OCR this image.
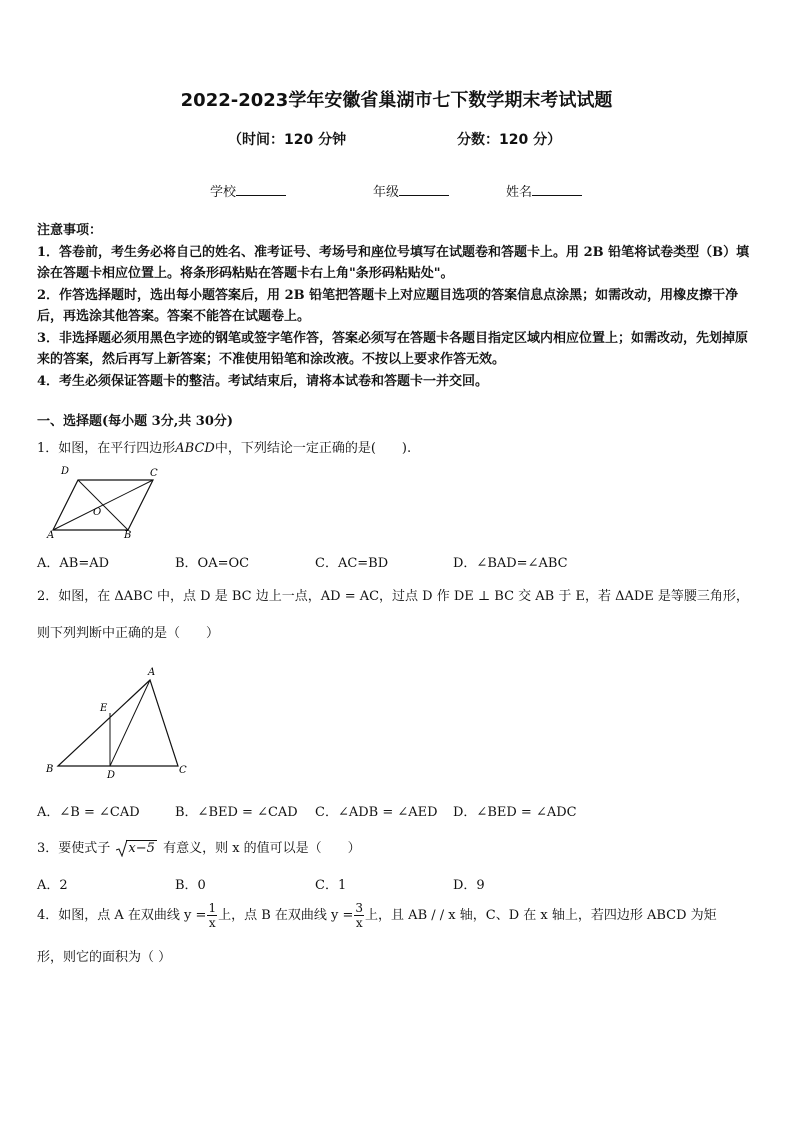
2022-2023学年安徽省巢湖市七下数学期末考试试题
（时间：120 分钟	分数：120 分）
学校	年级	姓名
注意事项：
1．答卷前，考生务必将自己的姓名、准考证号、考场号和座位号填写在试题卷和答题卡上。用 2B 铅笔将试卷类型（B）填涂在答题卡相应位置上。将条形码粘贴在答题卡右上角"条形码粘贴处"。
2．作答选择题时，选出每小题答案后，用 2B 铅笔把答题卡上对应题目选项的答案信息点涂黑；如需改动，用橡皮擦干净后，再选涂其他答案。答案不能答在试题卷上。
3．非选择题必须用黑色字迹的钢笔或签字笔作答，答案必须写在答题卡各题目指定区域内相应位置上；如需改动，先划掉原来的答案，然后再写上新答案；不准使用铅笔和涂改液。不按以上要求作答无效。
4．考生必须保证答题卡的整洁。考试结束后，请将本试卷和答题卡一并交回。
一、选择题(每小题 3分,共 30分)
1．如图，在平行四边形ABCD中，下列结论一定正确的是(　　).
D	C
O
A	B
A．AB=AD	B．OA=OC	C．AC=BD	D．∠BAD=∠ABC
2．如图，在 ΔABC 中，点 D 是 BC 边上一点，AD = AC，过点 D 作 DE ⊥ BC 交 AB 于 E，若 ΔADE 是等腰三角形，则下列判断中正确的是（　　）
A
E
B
D	C
A．∠B = ∠CAD	B．∠BED = ∠CAD C．∠ADB = ∠AED D．∠BED = ∠ADC
3．要使式子 x−5 有意义，则 x 的值可以是（　　）
A．2	B．0	C．1	D．9
4．如图，点 A 在双曲线 $y = \frac{1}{x}$ 上，点 B 在双曲线 $y = \frac{3}{x}$ 上，且 AB / / x 轴，C、D 在 x 轴上，若四边形 ABCD 为矩
形，则它的面积为（ ）
